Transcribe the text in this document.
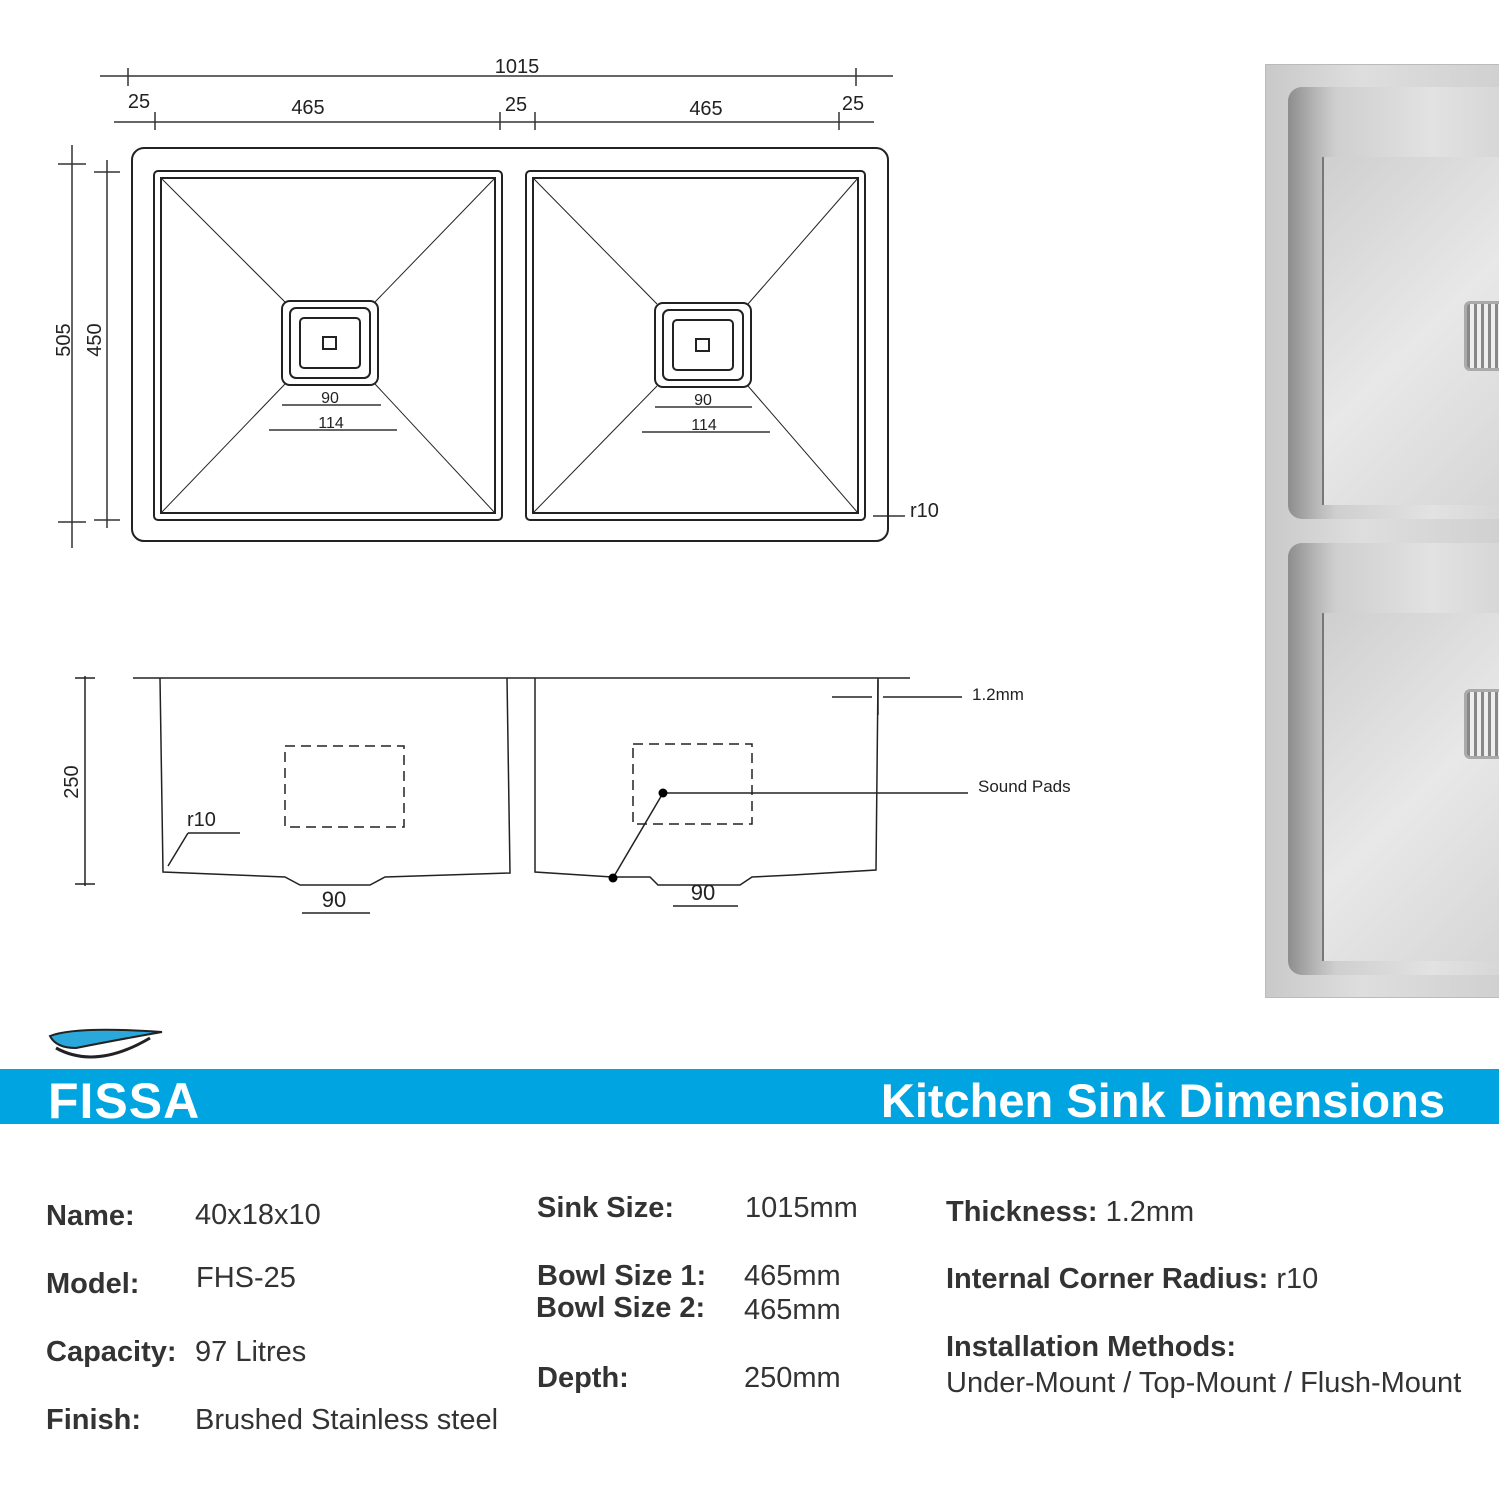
1015
25	465	25	465	25
505 450
90
114
90
114
r10
250
r10
90	90
1.2mm
Sound Pads
FISSA	Kitchen Sink Dimensions
Name: 40x18x10
Model: FHS-25
Capacity: 97 Litres
Finish: Brushed Stainless steel
Sink Size: 1015mm
Bowl Size 1: 465mm
Bowl Size 2: 465mm
Depth:	250mm
Thickness: 1.2mm
Internal Corner Radius: r10
Installation Methods:
Under-Mount / Top-Mount / Flush-Mount
